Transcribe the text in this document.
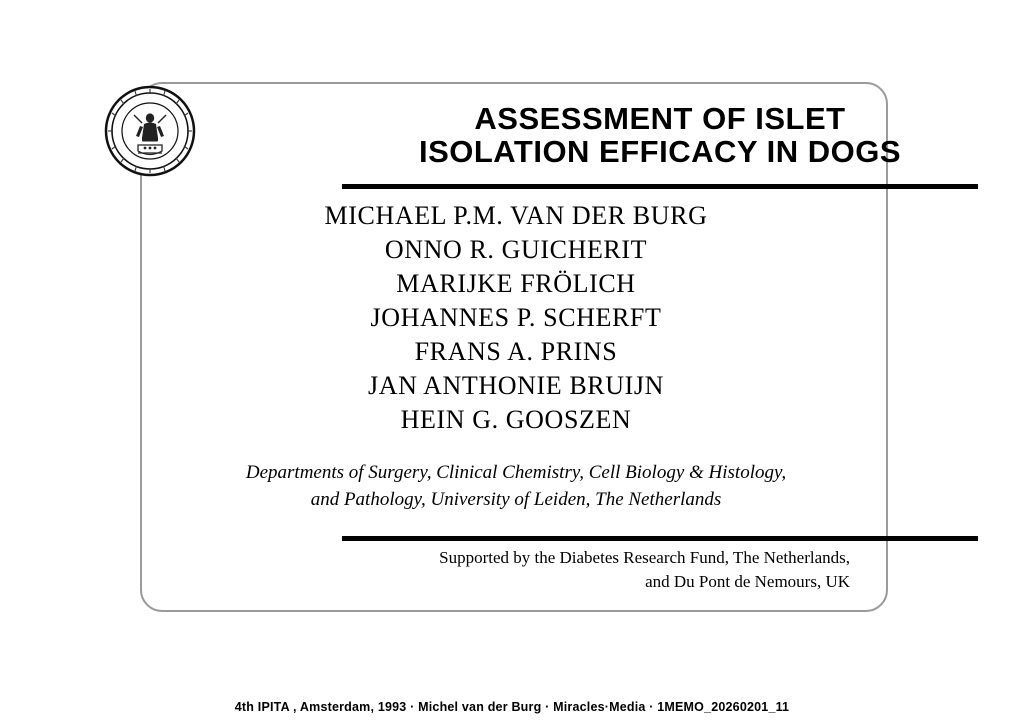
ASSESSMENT OF ISLET
ISOLATION EFFICACY IN DOGS
MICHAEL P.M. VAN DER BURG
ONNO R. GUICHERIT
MARIJKE FRÖLICH
JOHANNES P. SCHERFT
FRANS A. PRINS
JAN ANTHONIE BRUIJN
HEIN G. GOOSZEN
Departments of Surgery, Clinical Chemistry, Cell Biology & Histology,
and Pathology, University of Leiden, The Netherlands
Supported by the Diabetes Research Fund, The Netherlands,
and Du Pont de Nemours, UK
4th IPITA , Amsterdam, 1993 · Michel van der Burg · Miracles·Media · 1MEMO_20260201_11
